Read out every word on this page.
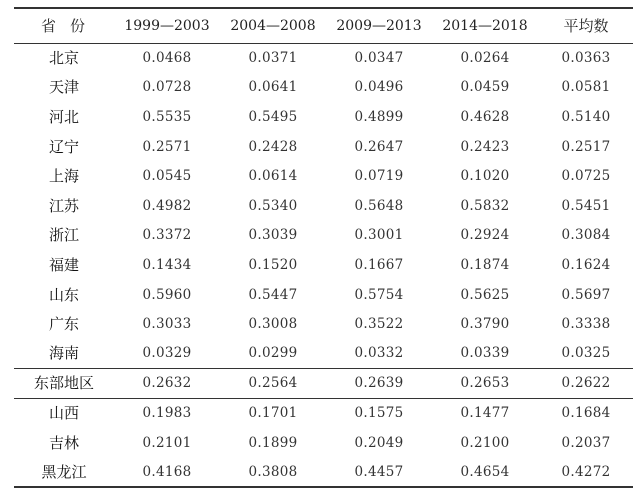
省份	1999—2003	2004—2008	2009—2013	2014—2018	平均数
北京	0.0468	0.0371	0.0347	0.0264	0.0363
天津	0.0728	0.0641	0.0496	0.0459	0.0581
河北	0.5535	0.5495	0.4899	0.4628	0.5140
辽宁	0.2571	0.2428	0.2647	0.2423	0.2517
上海	0.0545	0.0614	0.0719	0.1020	0.0725
江苏	0.4982	0.5340	0.5648	0.5832	0.5451
浙江	0.3372	0.3039	0.3001	0.2924	0.3084
福建	0.1434	0.1520	0.1667	0.1874	0.1624
山东	0.5960	0.5447	0.5754	0.5625	0.5697
广东	0.3033	0.3008	0.3522	0.3790	0.3338
海南	0.0329	0.0299	0.0332	0.0339	0.0325
东部地区	0.2632	0.2564	0.2639	0.2653	0.2622
山西	0.1983	0.1701	0.1575	0.1477	0.1684
吉林	0.2101	0.1899	0.2049	0.2100	0.2037
黑龙江	0.4168	0.3808	0.4457	0.4654	0.4272
